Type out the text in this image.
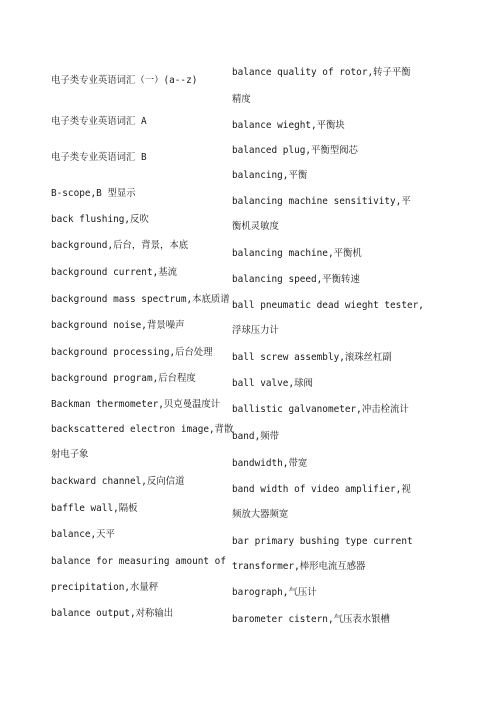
电子类专业英语词汇（一）(a--z)
电子类专业英语词汇 A
电子类专业英语词汇 B
B-scope,B 型显示
back flushing,反吹
background,后台，背景，本底
background current,基流
background mass spectrum,本底质谱
background noise,背景噪声
background processing,后台处理
background program,后台程度
Backman thermometer,贝克曼温度计
backscattered electron image,背散
射电子象
backward channel,反向信道
baffle wall,隔板
balance,天平
balance for measuring amount of
precipitation,水量秤
balance output,对称输出
balance quality of rotor,转子平衡
精度
balance wieght,平衡块
balanced plug,平衡型阀芯
balancing,平衡
balancing machine sensitivity,平
衡机灵敏度
balancing machine,平衡机
balancing speed,平衡转速
ball pneumatic dead wieght tester,
浮球压力计
ball screw assembly,滚珠丝杠副
ball valve,球阀
ballistic galvanometer,冲击栓流计
band,频带
bandwidth,带宽
band width of video amplifier,视
频放大器频宽
bar primary bushing type current
transformer,棒形电流互感器
barograph,气压计
barometer cistern,气压表水银槽
